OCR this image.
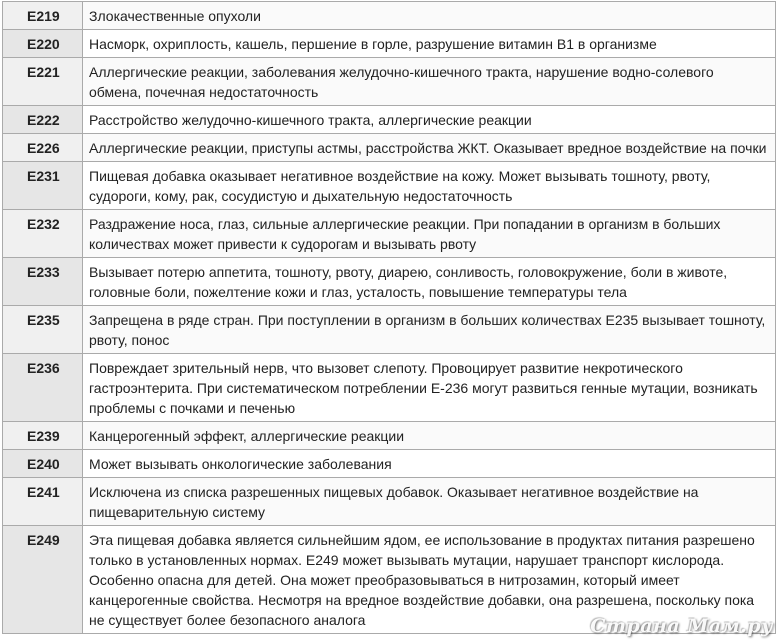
E219	Злокачественные опухоли
E220	Насморк, охриплость, кашель, першение в горле, разрушение витамин В1 в организме
E221	Аллергические реакции, заболевания желудочно-кишечного тракта, нарушение водно-солевого обмена, почечная недостаточность
E222	Расстройство желудочно-кишечного тракта, аллергические реакции
E226	Аллергические реакции, приступы астмы, расстройства ЖКТ. Оказывает вредное воздействие на почки
E231	Пищевая добавка оказывает негативное воздействие на кожу. Может вызывать тошноту, рвоту, судороги, кому, рак, сосудистую и дыхательную недостаточность
E232	Раздражение носа, глаз, сильные аллергические реакции. При попадании в организм в больших количествах может привести к судорогам и вызывать рвоту
E233	Вызывает потерю аппетита, тошноту, рвоту, диарею, сонливость, головокружение, боли в животе, головные боли, пожелтение кожи и глаз, усталость, повышение температуры тела
E235	Запрещена в ряде стран. При поступлении в организм в больших количествах Е235 вызывает тошноту, рвоту, понос
E236	Повреждает зрительный нерв, что вызовет слепоту. Провоцирует развитие некротического гастроэнтерита. При систематическом потреблении Е-236 могут развиться генные мутации, возникать проблемы с почками и печенью
E239	Канцерогенный эффект, аллергические реакции
E240	Может вызывать онкологические заболевания
E241	Исключена из списка разрешенных пищевых добавок. Оказывает негативное воздействие на пищеварительную систему
E249	Эта пищевая добавка является сильнейшим ядом, ее использование в продуктах питания разрешено только в установленных нормах. Е249 может вызывать мутации, нарушает транспорт кислорода. Особенно опасна для детей. Она может преобразовываться в нитрозамин, который имеет канцерогенные свойства. Несмотря на вредное воздействие добавки, она разрешена, поскольку пока не существует более безопасного аналога	Страна Мам.ру
